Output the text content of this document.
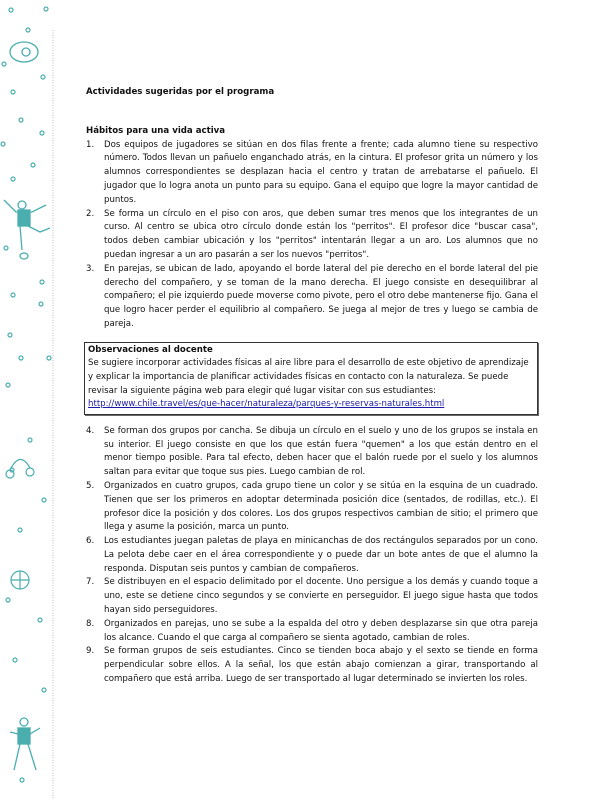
Actividades sugeridas por el programa
Hábitos para una vida activa
1. Dos equipos de jugadores se sitúan en dos filas frente a frente; cada alumno tiene su respectivo número. Todos llevan un pañuelo enganchado atrás, en la cintura. El profesor grita un número y los alumnos correspondientes se desplazan hacia el centro y tratan de arrebatarse el pañuelo. El jugador que lo logra anota un punto para su equipo. Gana el equipo que logre la mayor cantidad de puntos.
2. Se forma un círculo en el piso con aros, que deben sumar tres menos que los integrantes de un curso. Al centro se ubica otro círculo donde están los "perritos". El profesor dice "buscar casa", todos deben cambiar ubicación y los "perritos" intentarán llegar a un aro. Los alumnos que no puedan ingresar a un aro pasarán a ser los nuevos "perritos".
3. En parejas, se ubican de lado, apoyando el borde lateral del pie derecho en el borde lateral del pie derecho del compañero, y se toman de la mano derecha. El juego consiste en desequilibrar al compañero; el pie izquierdo puede moverse como pivote, pero el otro debe mantenerse fijo. Gana el que logro hacer perder el equilibrio al compañero. Se juega al mejor de tres y luego se cambia de pareja.
Observaciones al docente
Se sugiere incorporar actividades físicas al aire libre para el desarrollo de este objetivo de aprendizaje y explicar la importancia de planificar actividades físicas en contacto con la naturaleza. Se puede revisar la siguiente página web para elegir qué lugar visitar con sus estudiantes: http://www.chile.travel/es/que-hacer/naturaleza/parques-y-reservas-naturales.html
4. Se forman dos grupos por cancha. Se dibuja un círculo en el suelo y uno de los grupos se instala en su interior. El juego consiste en que los que están fuera "quemen" a los que están dentro en el menor tiempo posible. Para tal efecto, deben hacer que el balón ruede por el suelo y los alumnos saltan para evitar que toque sus pies. Luego cambian de rol.
5. Organizados en cuatro grupos, cada grupo tiene un color y se sitúa en la esquina de un cuadrado. Tienen que ser los primeros en adoptar determinada posición dice (sentados, de rodillas, etc.). El profesor dice la posición y dos colores. Los dos grupos respectivos cambian de sitio; el primero que llega y asume la posición, marca un punto.
6. Los estudiantes juegan paletas de playa en minicanchas de dos rectángulos separados por un cono. La pelota debe caer en el área correspondiente y o puede dar un bote antes de que el alumno la responda. Disputan seis puntos y cambian de compañeros.
7. Se distribuyen en el espacio delimitado por el docente. Uno persigue a los demás y cuando toque a uno, este se detiene cinco segundos y se convierte en perseguidor. El juego sigue hasta que todos hayan sido perseguidores.
8. Organizados en parejas, uno se sube a la espalda del otro y deben desplazarse sin que otra pareja los alcance. Cuando el que carga al compañero se sienta agotado, cambian de roles.
9. Se forman grupos de seis estudiantes. Cinco se tienden boca abajo y el sexto se tiende en forma perpendicular sobre ellos. A la señal, los que están abajo comienzan a girar, transportando al compañero que está arriba. Luego de ser transportado al lugar determinado se invierten los roles.
